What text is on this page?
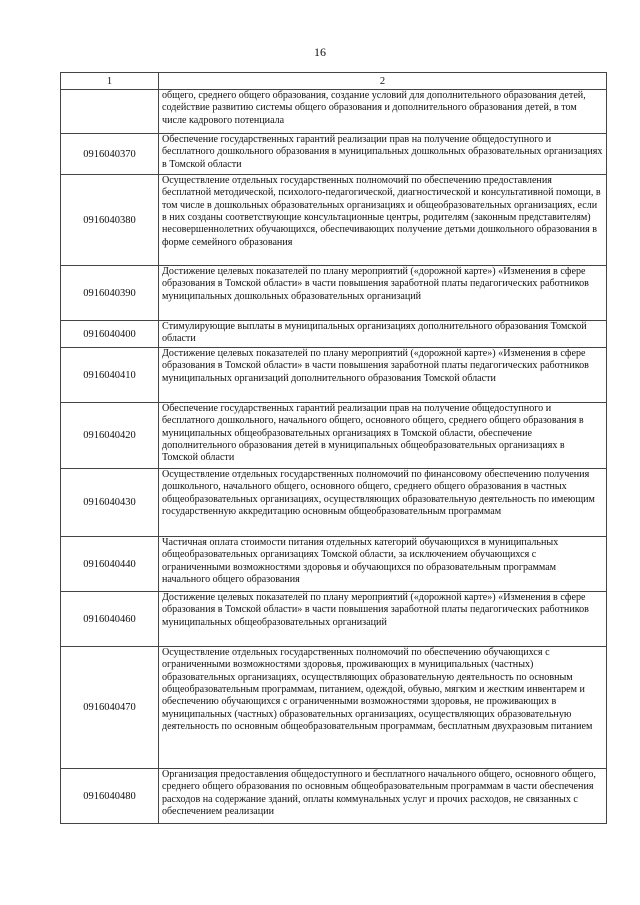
16
1	2
	общего, среднего общего образования, создание условий для дополнительного образования детей, содействие развитию системы общего образования и дополнительного образования детей, в том числе кадрового потенциала
0916040370	Обеспечение государственных гарантий реализации прав на получение общедоступного и бесплатного дошкольного образования в муниципальных дошкольных образовательных организациях в Томской области
0916040380	Осуществление отдельных государственных полномочий по обеспечению предоставления бесплатной методической, психолого-педагогической, диагностической и консультативной помощи, в том числе в дошкольных образовательных организациях и общеобразовательных организациях, если в них созданы соответствующие консультационные центры, родителям (законным представителям) несовершеннолетних обучающихся, обеспечивающих получение детьми дошкольного образования в форме семейного образования
0916040390	Достижение целевых показателей по плану мероприятий («дорожной карте») «Изменения в сфере образования в Томской области» в части повышения заработной платы педагогических работников муниципальных дошкольных образовательных организаций
0916040400	Стимулирующие выплаты в муниципальных организациях дополнительного образования Томской области
0916040410	Достижение целевых показателей по плану мероприятий («дорожной карте») «Изменения в сфере образования в Томской области» в части повышения заработной платы педагогических работников муниципальных организаций дополнительного образования Томской области
0916040420	Обеспечение государственных гарантий реализации прав на получение общедоступного и бесплатного дошкольного, начального общего, основного общего, среднего общего образования в муниципальных общеобразовательных организациях в Томской области, обеспечение дополнительного образования детей в муниципальных общеобразовательных организациях в Томской области
0916040430	Осуществление отдельных государственных полномочий по финансовому обеспечению получения дошкольного, начального общего, основного общего, среднего общего образования в частных общеобразовательных организациях, осуществляющих образовательную деятельность по имеющим государственную аккредитацию основным общеобразовательным программам
0916040440	Частичная оплата стоимости питания отдельных категорий обучающихся в муниципальных общеобразовательных организациях Томской области, за исключением обучающихся с ограниченными возможностями здоровья и обучающихся по образовательным программам начального общего образования
0916040460	Достижение целевых показателей по плану мероприятий («дорожной карте») «Изменения в сфере образования в Томской области» в части повышения заработной платы педагогических работников муниципальных общеобразовательных организаций
0916040470	Осуществление отдельных государственных полномочий по обеспечению обучающихся с ограниченными возможностями здоровья, проживающих в муниципальных (частных) образовательных организациях, осуществляющих образовательную деятельность по основным общеобразовательным программам, питанием, одеждой, обувью, мягким и жестким инвентарем и обеспечению обучающихся с ограниченными возможностями здоровья, не проживающих в муниципальных (частных) образовательных организациях, осуществляющих образовательную деятельность по основным общеобразовательным программам, бесплатным двухразовым питанием
0916040480	Организация предоставления общедоступного и бесплатного начального общего, основного общего, среднего общего образования по основным общеобразовательным программам в части обеспечения расходов на содержание зданий, оплаты коммунальных услуг и прочих расходов, не связанных с обеспечением реализации
